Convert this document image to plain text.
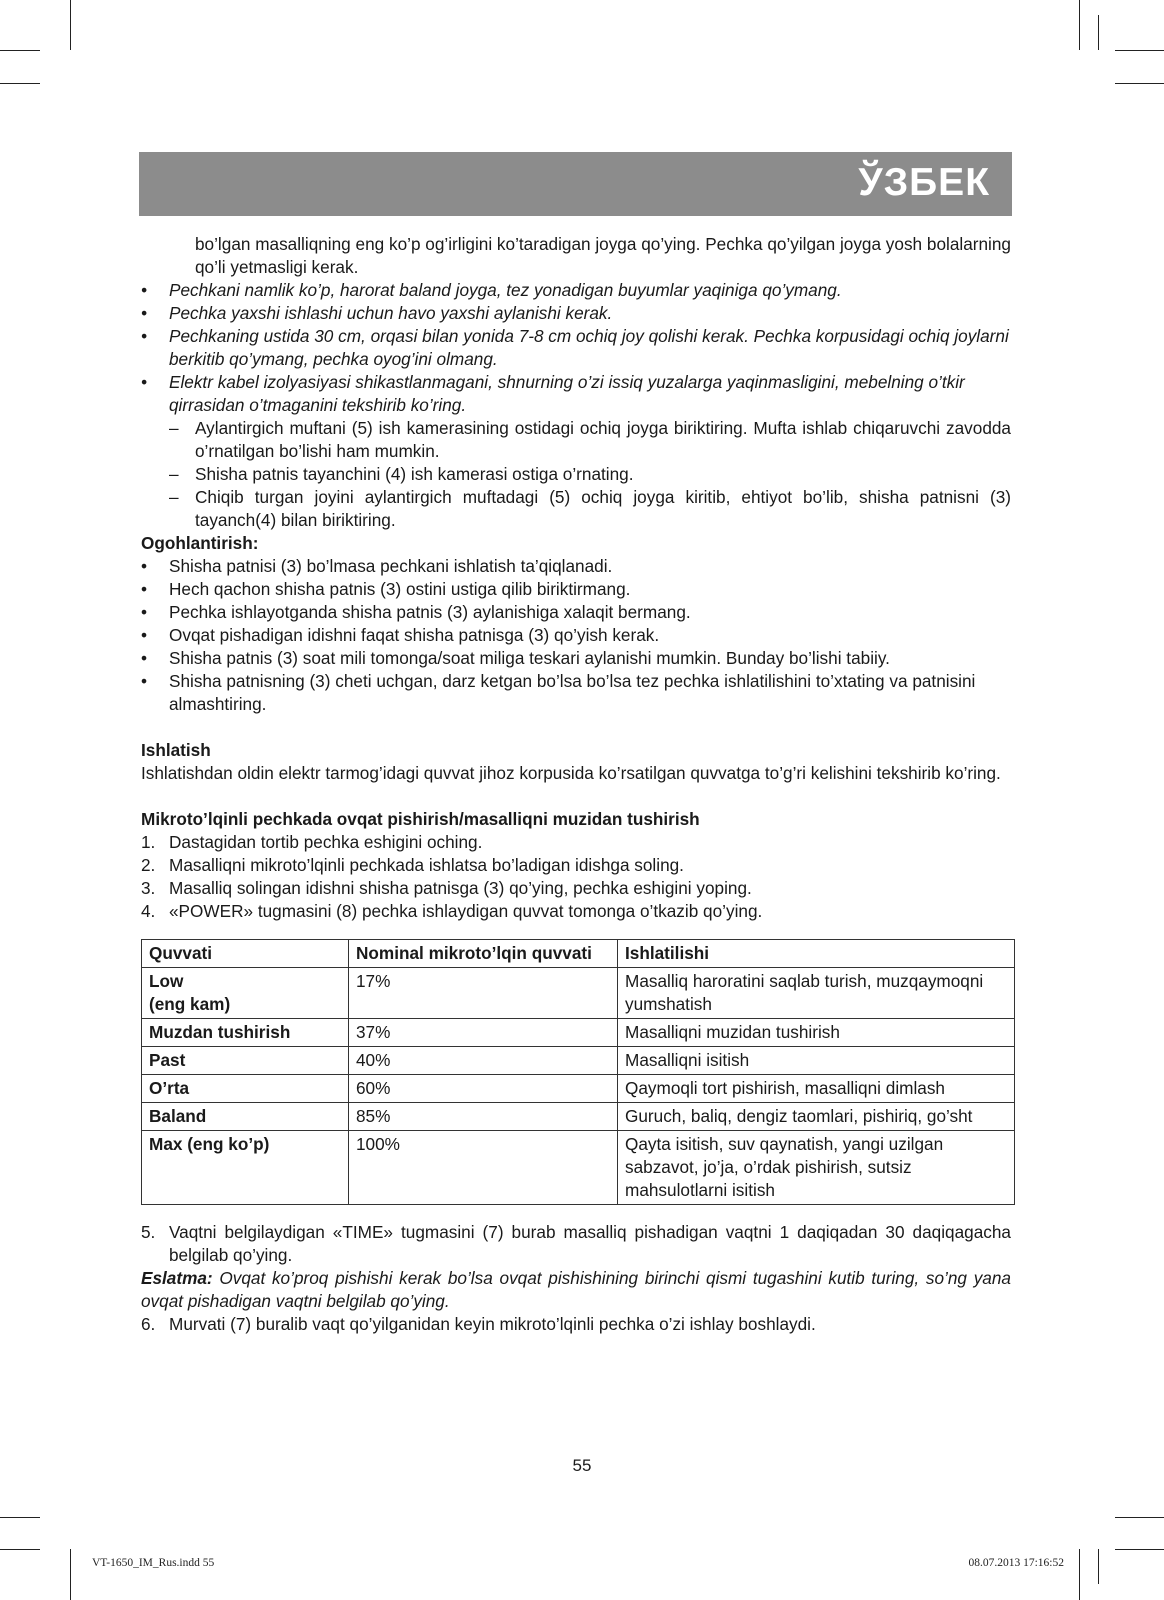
ЎЗБЕК

bo’lgan masalliqning eng ko’p og’irligini ko’taradigan joyga qo’ying. Pechka qo’yilgan joyga yosh bolalarning qo’li yetmasligi kerak.

• Pechkani namlik ko’p, harorat baland joyga, tez yonadigan buyumlar yaqiniga qo’ymang.

• Pechka yaxshi ishlashi uchun havo yaxshi aylanishi kerak.

• Pechkaning ustida 30 cm, orqasi bilan yonida 7-8 cm ochiq joy qolishi kerak. Pechka korpusidagi ochiq joylarni berkitib qo’ymang, pechka oyog’ini olmang.

• Elektr kabel izolyasiyasi shikastlanmagani, shnurning o’zi issiq yuzalarga yaqinmasligini, mebelning o’tkir qirrasidan o’tmaganini tekshirib ko’ring.

– Aylantirgich muftani (5) ish kamerasining ostidagi ochiq joyga biriktiring. Mufta ishlab chiqaruvchi zavodda o’rnatilgan bo’lishi ham mumkin.

– Shisha patnis tayanchini (4) ish kamerasi ostiga o’rnating.

– Chiqib turgan joyini aylantirgich muftadagi (5) ochiq joyga kiritib, ehtiyot bo’lib, shisha patnisni (3) tayanch(4) bilan biriktiring.

Ogohlantirish:

• Shisha patnisi (3) bo’lmasa pechkani ishlatish ta’qiqlanadi.

• Hech qachon shisha patnis (3) ostini ustiga qilib biriktirmang.

• Pechka ishlayotganda shisha patnis (3) aylanishiga xalaqit bermang.

• Ovqat pishadigan idishni faqat shisha patnisga (3) qo’yish kerak.

• Shisha patnis (3) soat mili tomonga/soat miliga teskari aylanishi mumkin. Bunday bo’lishi tabiiy.

• Shisha patnisning (3) cheti uchgan, darz ketgan bo’lsa bo’lsa tez pechka ishlatilishini to’xtating va patnisini almashtiring.

Ishlatish

Ishlatishdan oldin elektr tarmog’idagi quvvat jihoz korpusida ko’rsatilgan quvvatga to’g’ri kelishini tekshirib ko’ring.

Mikroto’lqinli pechkada ovqat pishirish/masalliqni muzidan tushirish

1. Dastagidan tortib pechka eshigini oching.

2. Masalliqni mikroto’lqinli pechkada ishlatsa bo’ladigan idishga soling.

3. Masalliq solingan idishni shisha patnisga (3) qo’ying, pechka eshigini yoping.

4. «POWER» tugmasini (8) pechka ishlaydigan quvvat tomonga o’tkazib qo’ying.

Quvvati	Nominal mikroto’lqin quvvati	Ishlatilishi
Low
(eng kam)	17%	Masalliq haroratini saqlab turish, muzqaymoqni yumshatish
Muzdan tushirish	37%	Masalliqni muzidan tushirish
Past	40%	Masalliqni isitish
O’rta	60%	Qaymoqli tort pishirish, masalliqni dimlash
Baland	85%	Guruch, baliq, dengiz taomlari, pishiriq, go’sht
Max (eng ko’p)	100%	Qayta isitish, suv qaynatish, yangi uzilgan sabzavot, jo’ja, o’rdak pishirish, sutsiz mahsulotlarni isitish

5. Vaqtni belgilaydigan «TIME» tugmasini (7) burab masalliq pishadigan vaqtni 1 daqiqadan 30 daqiqagacha belgilab qo’ying.

Eslatma: Ovqat ko’proq pishishi kerak bo’lsa ovqat pishishining birinchi qismi tugashini kutib turing, so’ng yana ovqat pishadigan vaqtni belgilab qo’ying.

6. Murvati (7) buralib vaqt qo’yilganidan keyin mikroto’lqinli pechka o’zi ishlay boshlaydi.

55
VT-1650_IM_Rus.indd 55	08.07.2013 17:16:52
